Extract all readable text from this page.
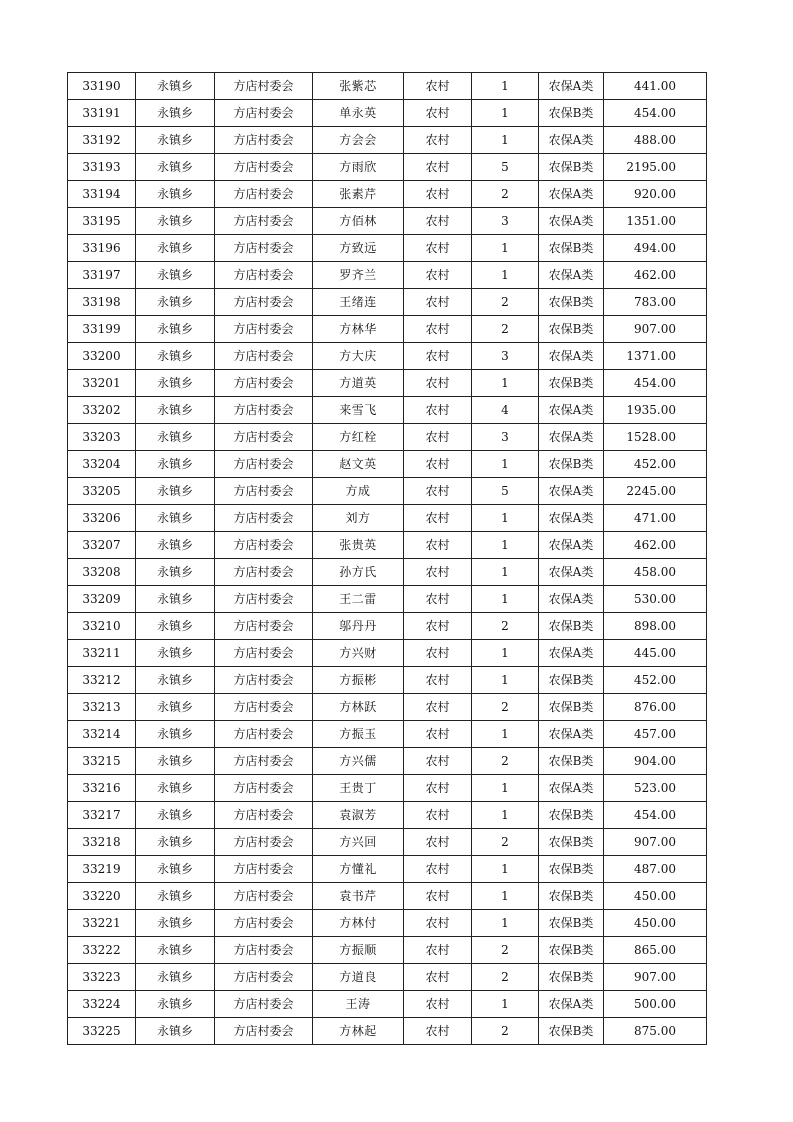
33190	永镇乡	方店村委会	张紫芯	农村	1	农保A类	441.00
33191	永镇乡	方店村委会	单永英	农村	1	农保B类	454.00
33192	永镇乡	方店村委会	方会会	农村	1	农保A类	488.00
33193	永镇乡	方店村委会	方雨欣	农村	5	农保B类	2195.00
33194	永镇乡	方店村委会	张素芹	农村	2	农保A类	920.00
33195	永镇乡	方店村委会	方佰林	农村	3	农保A类	1351.00
33196	永镇乡	方店村委会	方致远	农村	1	农保B类	494.00
33197	永镇乡	方店村委会	罗齐兰	农村	1	农保A类	462.00
33198	永镇乡	方店村委会	王绪连	农村	2	农保B类	783.00
33199	永镇乡	方店村委会	方林华	农村	2	农保B类	907.00
33200	永镇乡	方店村委会	方大庆	农村	3	农保A类	1371.00
33201	永镇乡	方店村委会	方道英	农村	1	农保B类	454.00
33202	永镇乡	方店村委会	来雪飞	农村	4	农保A类	1935.00
33203	永镇乡	方店村委会	方红栓	农村	3	农保A类	1528.00
33204	永镇乡	方店村委会	赵文英	农村	1	农保B类	452.00
33205	永镇乡	方店村委会	方成	农村	5	农保A类	2245.00
33206	永镇乡	方店村委会	刘方	农村	1	农保A类	471.00
33207	永镇乡	方店村委会	张贵英	农村	1	农保A类	462.00
33208	永镇乡	方店村委会	孙方氏	农村	1	农保A类	458.00
33209	永镇乡	方店村委会	王二雷	农村	1	农保A类	530.00
33210	永镇乡	方店村委会	邬丹丹	农村	2	农保B类	898.00
33211	永镇乡	方店村委会	方兴财	农村	1	农保A类	445.00
33212	永镇乡	方店村委会	方振彬	农村	1	农保B类	452.00
33213	永镇乡	方店村委会	方林跃	农村	2	农保B类	876.00
33214	永镇乡	方店村委会	方振玉	农村	1	农保A类	457.00
33215	永镇乡	方店村委会	方兴儒	农村	2	农保B类	904.00
33216	永镇乡	方店村委会	王贵丁	农村	1	农保A类	523.00
33217	永镇乡	方店村委会	袁淑芳	农村	1	农保B类	454.00
33218	永镇乡	方店村委会	方兴回	农村	2	农保B类	907.00
33219	永镇乡	方店村委会	方懂礼	农村	1	农保B类	487.00
33220	永镇乡	方店村委会	袁书芹	农村	1	农保B类	450.00
33221	永镇乡	方店村委会	方林付	农村	1	农保B类	450.00
33222	永镇乡	方店村委会	方振顺	农村	2	农保B类	865.00
33223	永镇乡	方店村委会	方道良	农村	2	农保B类	907.00
33224	永镇乡	方店村委会	王涛	农村	1	农保A类	500.00
33225	永镇乡	方店村委会	方林起	农村	2	农保B类	875.00
